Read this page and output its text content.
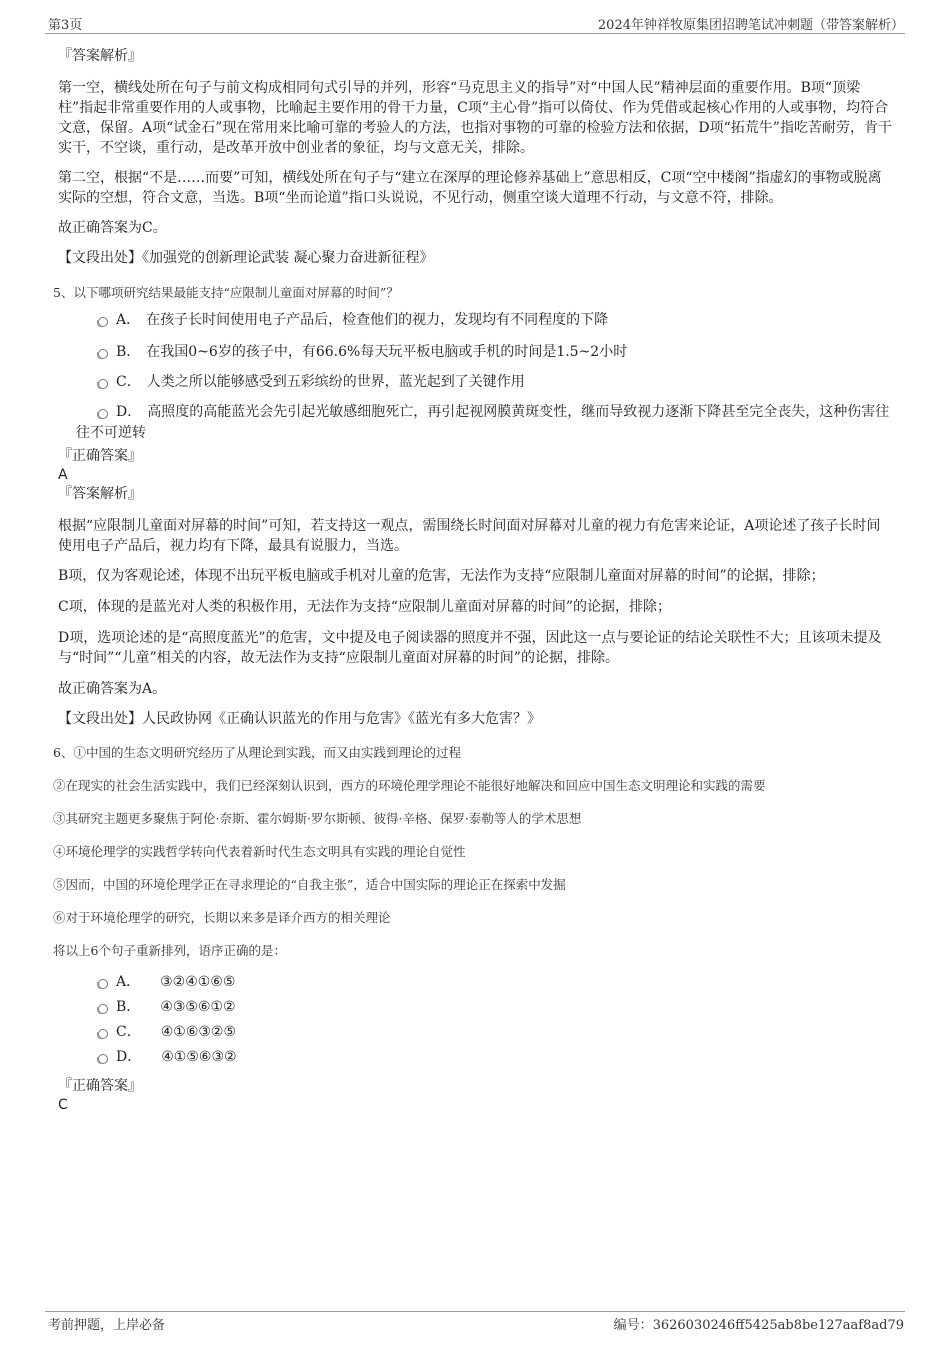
第3页	2024年钟祥牧原集团招聘笔试冲刺题（带答案解析）

『答案解析』

第一空，横线处所在句子与前文构成相同句式引导的并列，形容“马克思主义的指导”对“中国人民”精神层面的重要作用。B项“顶梁柱”指起非常重要作用的人或事物，比喻起主要作用的骨干力量，C项“主心骨”指可以倚仗、作为凭借或起核心作用的人或事物，均符合文意，保留。A项“试金石”现在常用来比喻可靠的考验人的方法，也指对事物的可靠的检验方法和依据，D项“拓荒牛”指吃苦耐劳，肯干实干，不空谈，重行动，是改革开放中创业者的象征，均与文意无关，排除。

第二空，根据“不是……而要”可知，横线处所在句子与“建立在深厚的理论修养基础上”意思相反，C项“空中楼阁”指虚幻的事物或脱离实际的空想，符合文意，当选。B项“坐而论道”指口头说说，不见行动，侧重空谈大道理不行动，与文意不符，排除。

故正确答案为C。

【文段出处】《加强党的创新理论武装 凝心聚力奋进新征程》

5、以下哪项研究结果最能支持“应限制儿童面对屏幕的时间”？

A． 在孩子长时间使用电子产品后，检查他们的视力，发现均有不同程度的下降
B． 在我国0~6岁的孩子中，有66.6%每天玩平板电脑或手机的时间是1.5~2小时
C． 人类之所以能够感受到五彩缤纷的世界，蓝光起到了关键作用
D． 高照度的高能蓝光会先引起光敏感细胞死亡，再引起视网膜黄斑变性，继而导致视力逐渐下降甚至完全丧失，这种伤害往往不可逆转

『正确答案』

A

『答案解析』

根据“应限制儿童面对屏幕的时间”可知，若支持这一观点，需围绕长时间面对屏幕对儿童的视力有危害来论证，A项论述了孩子长时间使用电子产品后，视力均有下降，最具有说服力，当选。

B项，仅为客观论述，体现不出玩平板电脑或手机对儿童的危害，无法作为支持“应限制儿童面对屏幕的时间”的论据，排除；

C项，体现的是蓝光对人类的积极作用，无法作为支持“应限制儿童面对屏幕的时间”的论据，排除；

D项，选项论述的是“高照度蓝光”的危害，文中提及电子阅读器的照度并不强，因此这一点与要论证的结论关联性不大；且该项未提及与“时间”“儿童”相关的内容，故无法作为支持“应限制儿童面对屏幕的时间”的论据，排除。

故正确答案为A。

【文段出处】人民政协网《正确认识蓝光的作用与危害》《蓝光有多大危害？》

6、①中国的生态文明研究经历了从理论到实践，而又由实践到理论的过程

②在现实的社会生活实践中，我们已经深刻认识到，西方的环境伦理学理论不能很好地解决和回应中国生态文明理论和实践的需要

③其研究主题更多聚焦于阿伦·奈斯、霍尔姆斯·罗尔斯顿、彼得·辛格、保罗·泰勒等人的学术思想

④环境伦理学的实践哲学转向代表着新时代生态文明具有实践的理论自觉性

⑤因而，中国的环境伦理学正在寻求理论的“自我主张”，适合中国实际的理论正在探索中发掘

⑥对于环境伦理学的研究，长期以来多是译介西方的相关理论

将以上6个句子重新排列，语序正确的是：

A． ③②④①⑥⑤
B． ④③⑤⑥①②
C． ④①⑥③②⑤
D． ④①⑤⑥③②

『正确答案』

C

考前押题，上岸必备	编号：3626030246ff5425ab8be127aaf8ad79
